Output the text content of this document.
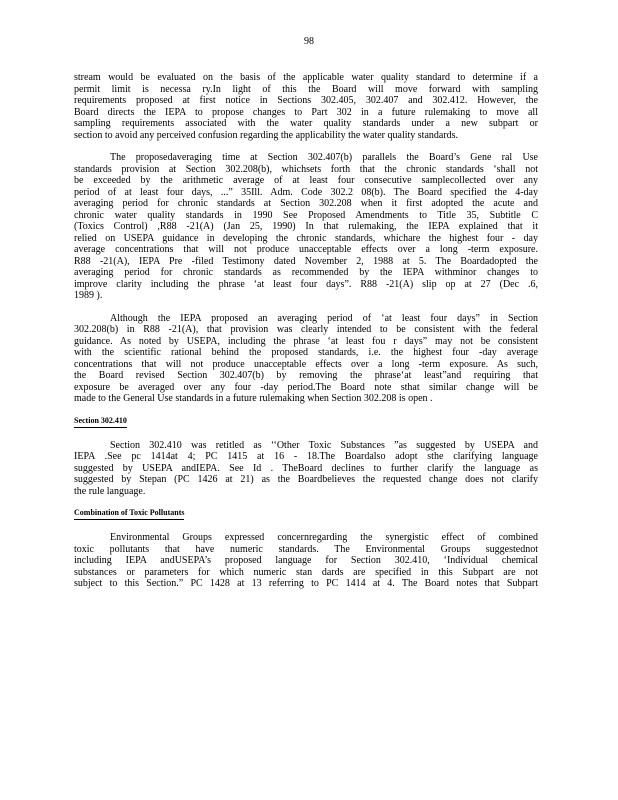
98
stream would be evaluated on the basis of the applicable water quality standard to determine if a
permit limit is necessa ry.In light of this the Board will move forward with sampling
requirements proposed at first notice in Sections 302.405, 302.407 and 302.412. However, the
Board directs the IEPA to propose changes to Part 302 in a future rulemaking to move all
sampling requirements associated with the water quality standards under a new subpart or
section to avoid any perceived confusion regarding the applicability the water quality standards.
The proposedaveraging time at Section 302.407(b) parallels the Board’s Gene ral Use
standards provision at Section 302.208(b), whichsets forth that the chronic standards ‘shall not
be exceeded by the arithmetic average of at least four consecutive samplecollected over any
period of at least four days, ...” 35Ill. Adm. Code 302.2 08(b). The Board specified the 4-day
averaging period for chronic standards at Section 302.208 when it first adopted the acute and
chronic water quality standards in 1990 See Proposed Amendments to Title 35, Subtitle C
(Toxics Control) ,R88 -21(A) (Jan 25, 1990) In that rulemaking, the IEPA explained that it
relied on USEPA guidance in developing the chronic standards, whichare the highest four - day
average concentrations that will not produce unacceptable effects over a long -term exposure.
R88 -21(A), IEPA Pre -filed Testimony dated November 2, 1988 at 5. The Boardadopted the
averaging period for chronic standards as recommended by the IEPA withminor changes to
improve clarity including the phrase ‘at least four days”. R88 -21(A) slip op at 27 (Dec .6,
1989 ).
Although the IEPA proposed an averaging period of ‘at least four days” in Section
302.208(b) in R88 -21(A), that provision was clearly intended to be consistent with the federal
guidance. As noted by USEPA, including the phrase ‘at least fou r days” may not be consistent
with the scientific rational behind the proposed standards, i.e. the highest four -day average
concentrations that will not produce unacceptable effects over a long -term exposure. As such,
the Board revised Section 302.407(b) by removing the phrase‘at least”and requiring that
exposure be averaged over any four -day period.The Board note sthat similar change will be
made to the General Use standards in a future rulemaking when Section 302.208 is open .
Section 302.410
Section 302.410 was retitled as ‘‘Other Toxic Substances ”as suggested by USEPA and
IEPA .See pc 1414at 4; PC 1415 at 16 - 18.The Boardalso adopt sthe clarifying language
suggested by USEPA andIEPA. See Id . TheBoard declines to further clarify the language as
suggested by Stepan (PC 1426 at 21) as the Boardbelieves the requested change does not clarify
the rule language.
Combination of Toxic Pollutants
Environmental Groups expressed concernregarding the synergistic effect of combined
toxic pollutants that have numeric standards. The Environmental Groups suggestednot
including IEPA andUSEPA’s proposed language for Section 302.410, ‘Individual chemical
substances or parameters for which numeric stan dards are specified in this Subpart are not
subject to this Section.” PC 1428 at 13 referring to PC 1414 at 4. The Board notes that Subpart
